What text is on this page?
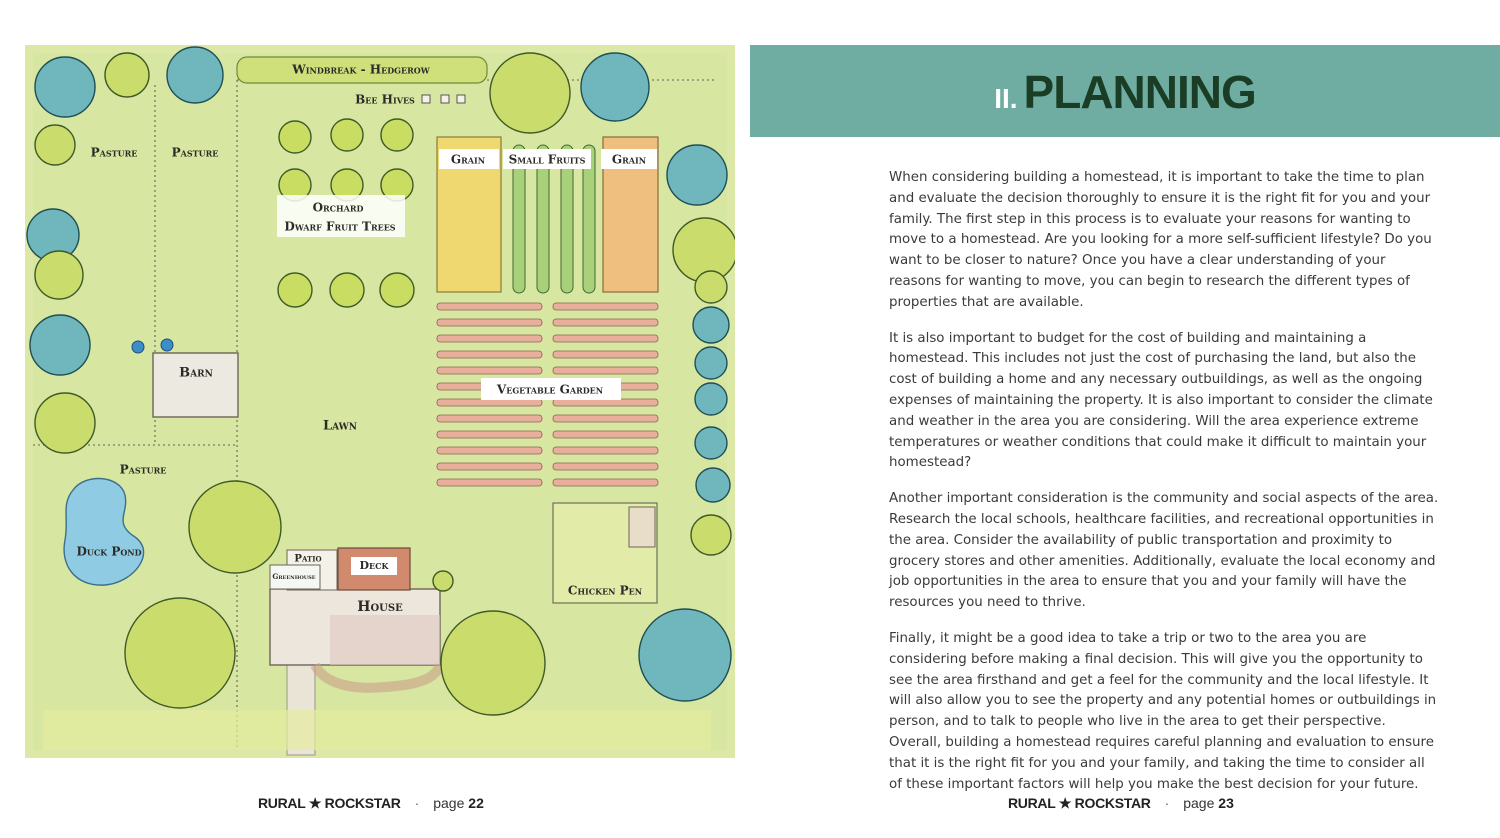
Windbreak - Hedgerow
Bee Hives
Pasture	Pasture	Grain Small Fruits Grain
Orchard
Dwarf Fruit Trees
Barn
Vegetable Garden
Lawn
Pasture
Duck Pond
Patio
Greenhouse
Deck
House
Chicken Pen
II. PLANNING

When considering building a homestead, it is important to take the time to plan and evaluate the decision thoroughly to ensure it is the right fit for you and your family. The first step in this process is to evaluate your reasons for wanting to move to a homestead. Are you looking for a more self-sufficient lifestyle? Do you want to be closer to nature? Once you have a clear understanding of your reasons for wanting to move, you can begin to research the different types of properties that are available.

It is also important to budget for the cost of building and maintaining a homestead. This includes not just the cost of purchasing the land, but also the cost of building a home and any necessary outbuildings, as well as the ongoing expenses of maintaining the property. It is also important to consider the climate and weather in the area you are considering. Will the area experience extreme temperatures or weather conditions that could make it difficult to maintain your homestead?

Another important consideration is the community and social aspects of the area. Research the local schools, healthcare facilities, and recreational opportunities in the area. Consider the availability of public transportation and proximity to grocery stores and other amenities. Additionally, evaluate the local economy and job opportunities in the area to ensure that you and your family will have the resources you need to thrive.

Finally, it might be a good idea to take a trip or two to the area you are considering before making a final decision. This will give you the opportunity to see the area firsthand and get a feel for the community and the local lifestyle. It will also allow you to see the property and any potential homes or outbuildings in person, and to talk to people who live in the area to get their perspective. Overall, building a homestead requires careful planning and evaluation to ensure that it is the right fit for you and your family, and taking the time to consider all of these important factors will help you make the best decision for your future.

RURAL ★ ROCKSTAR · page 22	RURAL ★ ROCKSTAR · page 23
